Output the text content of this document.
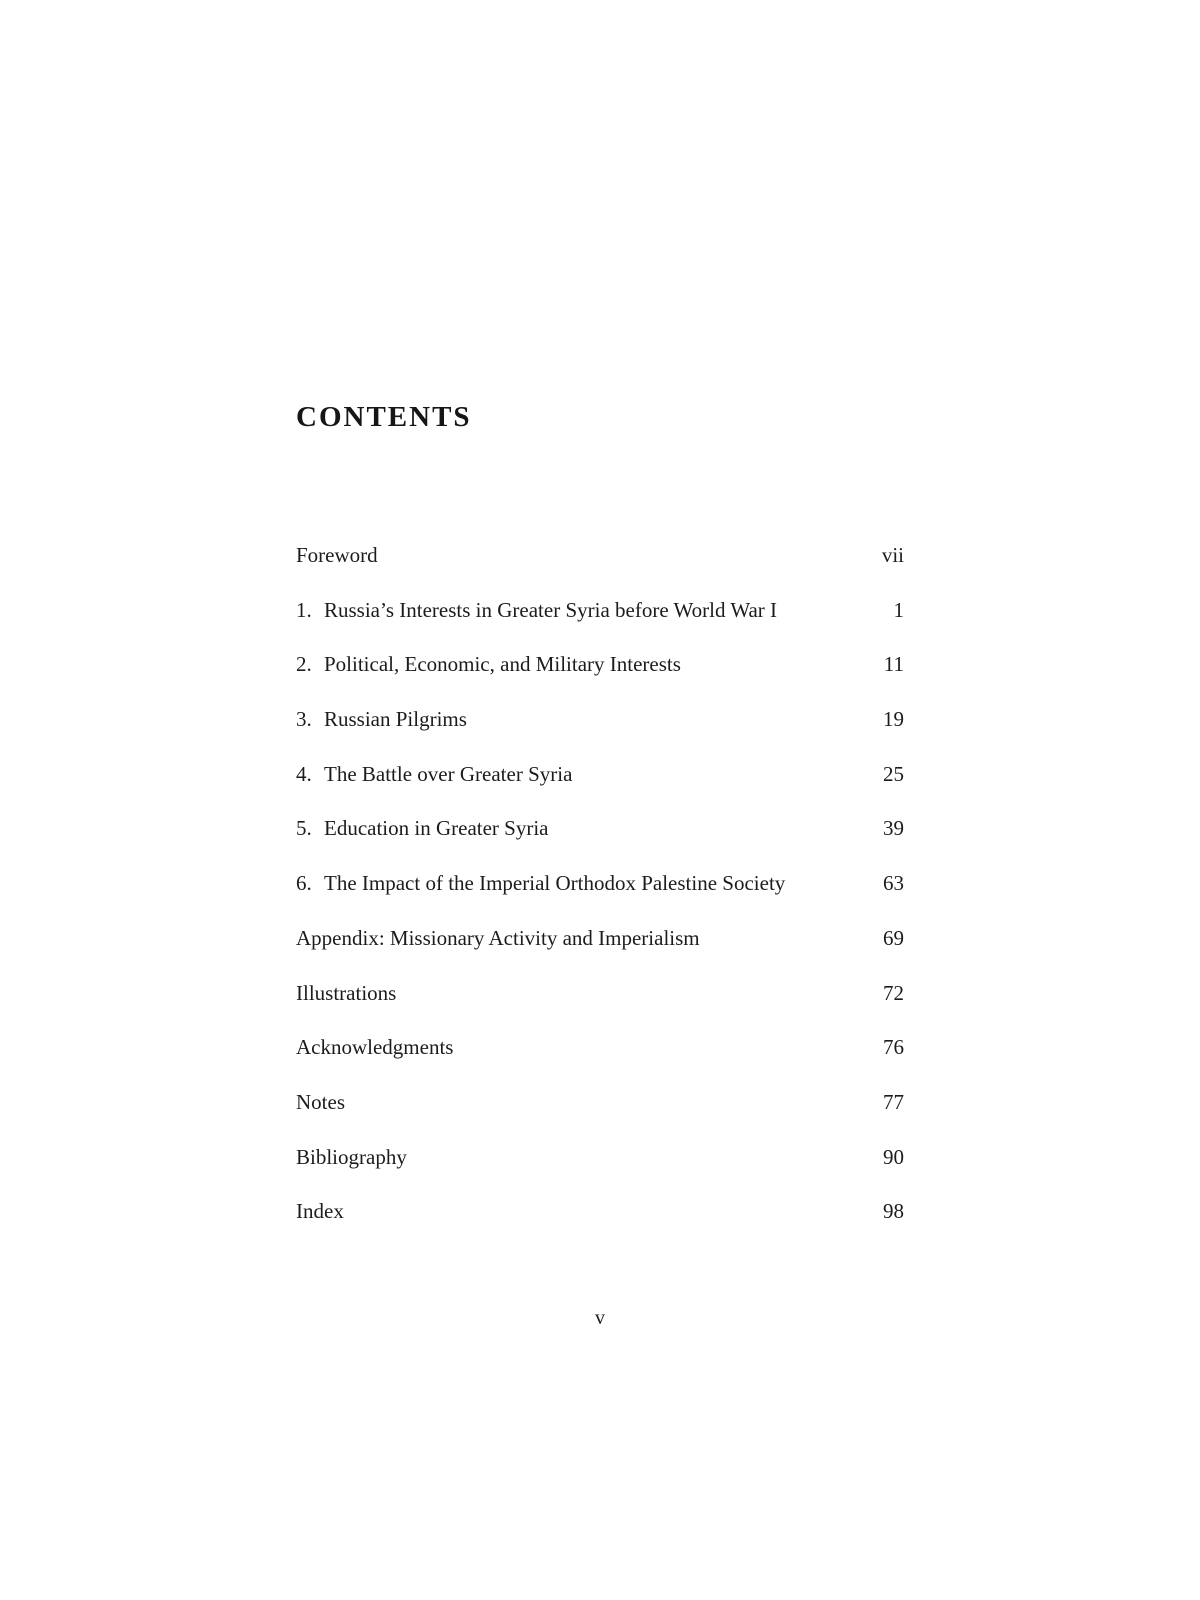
CONTENTS
Foreword	vii
1. Russia’s Interests in Greater Syria before World War I	1
2. Political, Economic, and Military Interests	11
3. Russian Pilgrims	19
4. The Battle over Greater Syria	25
5. Education in Greater Syria	39
6. The Impact of the Imperial Orthodox Palestine Society	63
Appendix: Missionary Activity and Imperialism	69
Illustrations	72
Acknowledgments	76
Notes	77
Bibliography	90
Index	98
v
